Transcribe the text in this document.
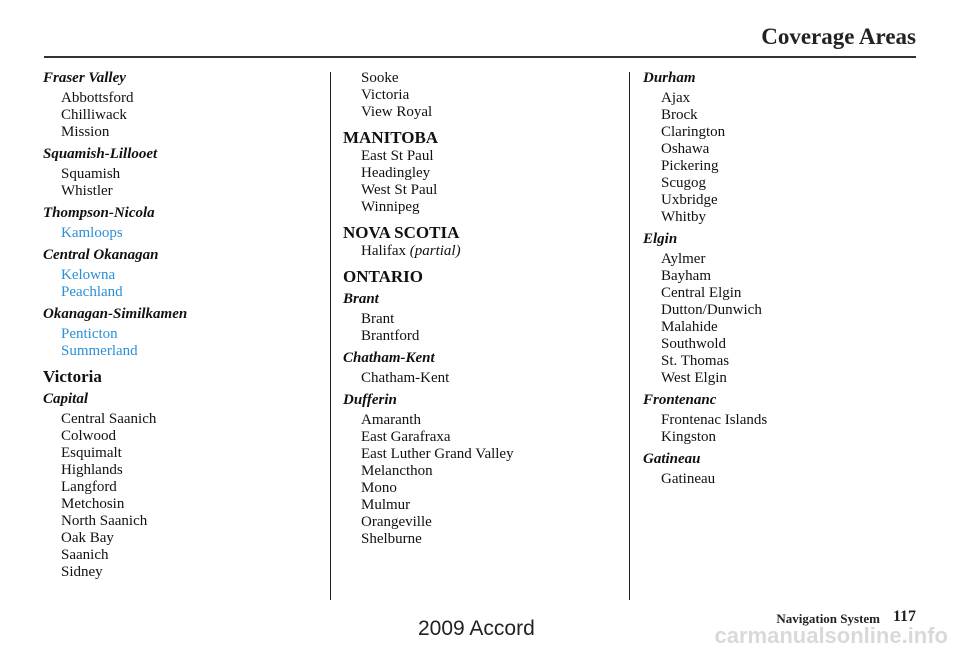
Coverage Areas

Fraser Valley

Abbottsford

Chilliwack

Mission

Squamish-Lillooet

Squamish

Whistler

Thompson-Nicola

Kamloops

Central Okanagan

Kelowna

Peachland

Okanagan-Similkamen

Penticton

Summerland

Victoria

Capital

Central Saanich

Colwood

Esquimalt

Highlands

Langford

Metchosin

North Saanich

Oak Bay

Saanich

Sidney

Sooke

Victoria

View Royal

MANITOBA

East St Paul

Headingley

West St Paul

Winnipeg

NOVA SCOTIA

Halifax (partial)

ONTARIO

Brant

Brant

Brantford

Chatham-Kent

Chatham-Kent

Dufferin

Amaranth

East Garafraxa

East Luther Grand Valley

Melancthon

Mono

Mulmur

Orangeville

Shelburne

Durham

Ajax

Brock

Clarington

Oshawa

Pickering

Scugog

Uxbridge

Whitby

Elgin

Aylmer

Bayham

Central Elgin

Dutton/Dunwich

Malahide

Southwold

St. Thomas

West Elgin

Frontenanc

Frontenac Islands

Kingston

Gatineau

Gatineau

Navigation System 117
2009 Accord	carmanualsonline.info
